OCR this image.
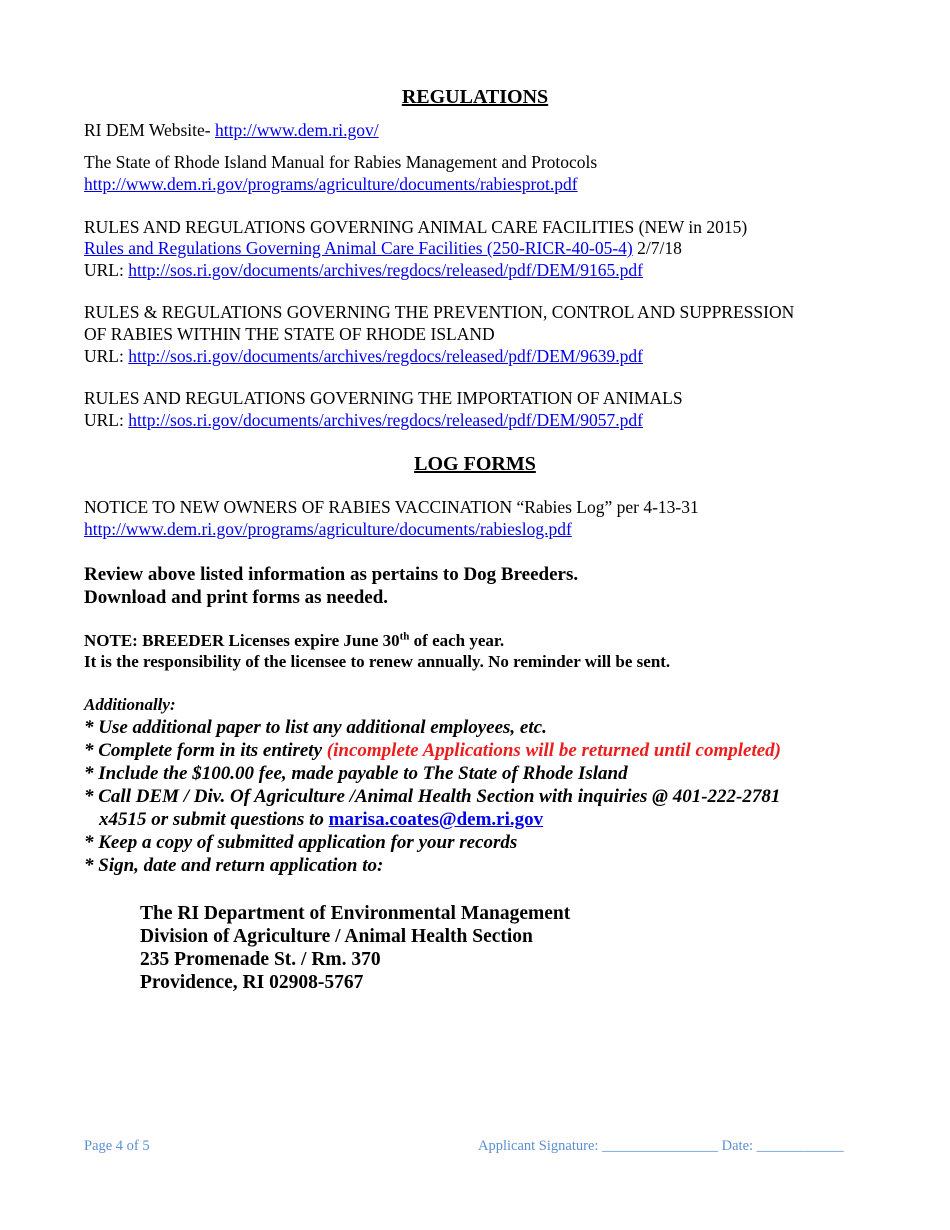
REGULATIONS
RI DEM Website- http://www.dem.ri.gov/
The State of Rhode Island Manual for Rabies Management and Protocols
http://www.dem.ri.gov/programs/agriculture/documents/rabiesprot.pdf
RULES AND REGULATIONS GOVERNING ANIMAL CARE FACILITIES (NEW in 2015)
Rules and Regulations Governing Animal Care Facilities (250-RICR-40-05-4) 2/7/18
URL: http://sos.ri.gov/documents/archives/regdocs/released/pdf/DEM/9165.pdf
RULES & REGULATIONS GOVERNING THE PREVENTION, CONTROL AND SUPPRESSION
OF RABIES WITHIN THE STATE OF RHODE ISLAND
URL: http://sos.ri.gov/documents/archives/regdocs/released/pdf/DEM/9639.pdf
RULES AND REGULATIONS GOVERNING THE IMPORTATION OF ANIMALS
URL: http://sos.ri.gov/documents/archives/regdocs/released/pdf/DEM/9057.pdf
LOG FORMS
NOTICE TO NEW OWNERS OF RABIES VACCINATION “Rabies Log” per 4-13-31
http://www.dem.ri.gov/programs/agriculture/documents/rabieslog.pdf
Review above listed information as pertains to Dog Breeders.
Download and print forms as needed.
NOTE: BREEDER Licenses expire June 30th of each year.
It is the responsibility of the licensee to renew annually. No reminder will be sent.
Additionally:
* Use additional paper to list any additional employees, etc.
* Complete form in its entirety (incomplete Applications will be returned until completed)
* Include the $100.00 fee, made payable to The State of Rhode Island
* Call DEM / Div. Of Agriculture /Animal Health Section with inquiries @ 401-222-2781
x4515 or submit questions to marisa.coates@dem.ri.gov
* Keep a copy of submitted application for your records
* Sign, date and return application to:
The RI Department of Environmental Management
Division of Agriculture / Animal Health Section
235 Promenade St. / Rm. 370
Providence, RI 02908-5767
Page 4 of 5	Applicant Signature: ________________ Date: ____________
